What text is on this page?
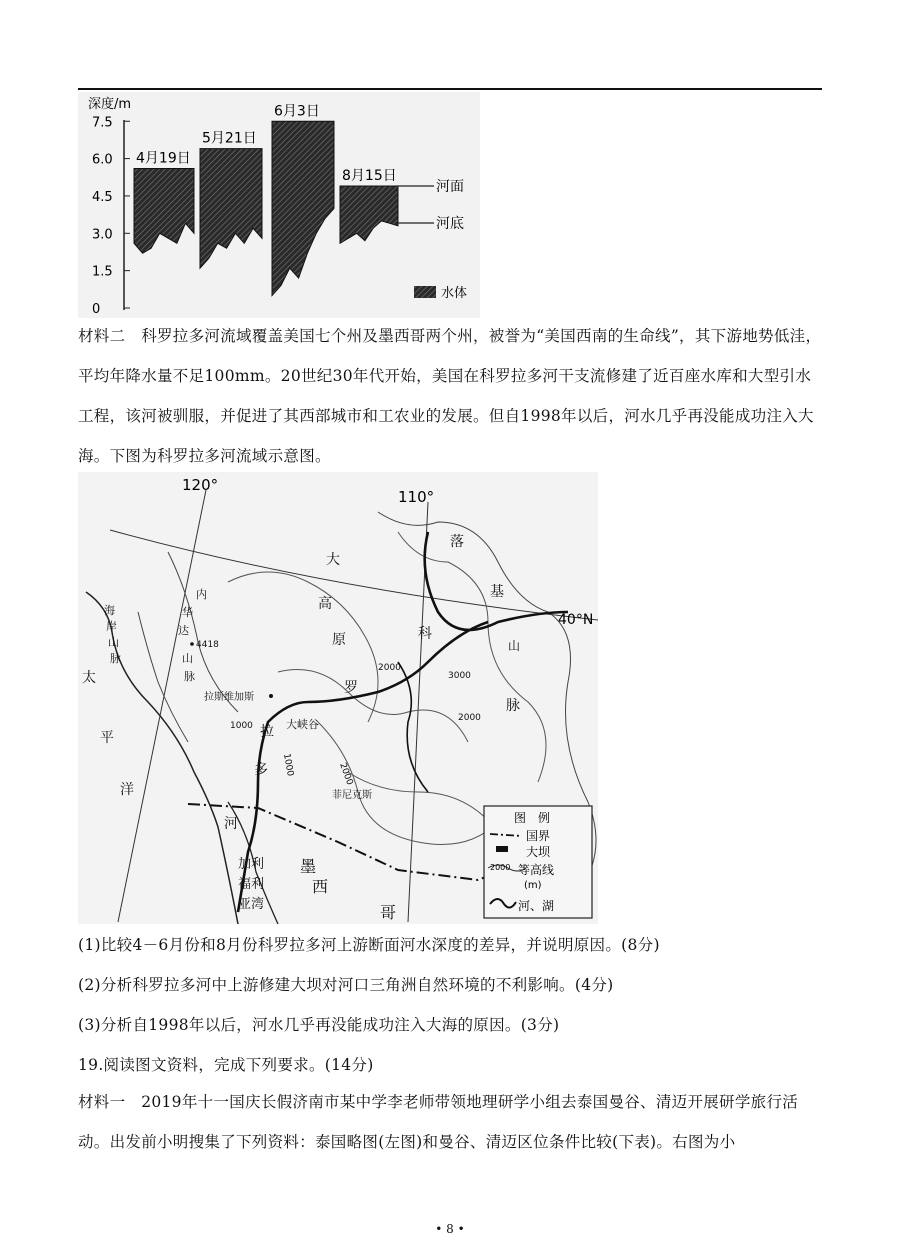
深度/m
7.5
6.0
4.5
3.0
1.5
0
4月19日
5月21日
6月3日
8月15日
河面
河底
水体
材料二　科罗拉多河流域覆盖美国七个州及墨西哥两个州，被誉为“美国西南的生命线”，其下游地势低洼，平均年降水量不足100mm。20世纪30年代开始，美国在科罗拉多河干支流修建了近百座水库和大型引水工程，该河被驯服，并促进了其西部城市和工农业的发展。但自1998年以后，河水几乎再没能成功注入大海。下图为科罗拉多河流域示意图。
120°
110°
40°N
大
高
原
落
基
山
脉
科
罗
拉
多
河
内
华
达
山
脉
海
岸
山
脉
太
平
洋
墨
西
哥
加利
福利
亚湾
4418
拉斯维加斯
大峡谷
菲尼克斯
2000
3000
2000
1000
1000	2000
图　例
国界
大坝
2000 等高线
(m)
河、湖
(1)比较4－6月份和8月份科罗拉多河上游断面河水深度的差异，并说明原因。(8分)
(2)分析科罗拉多河中上游修建大坝对河口三角洲自然环境的不利影响。(4分)
(3)分析自1998年以后，河水几乎再没能成功注入大海的原因。(3分)
19.阅读图文资料，完成下列要求。(14分)
材料一　2019年十一国庆长假济南市某中学李老师带领地理研学小组去泰国曼谷、清迈开展研学旅行活动。出发前小明搜集了下列资料：泰国略图(左图)和曼谷、清迈区位条件比较(下表)。右图为小
• 8 •
